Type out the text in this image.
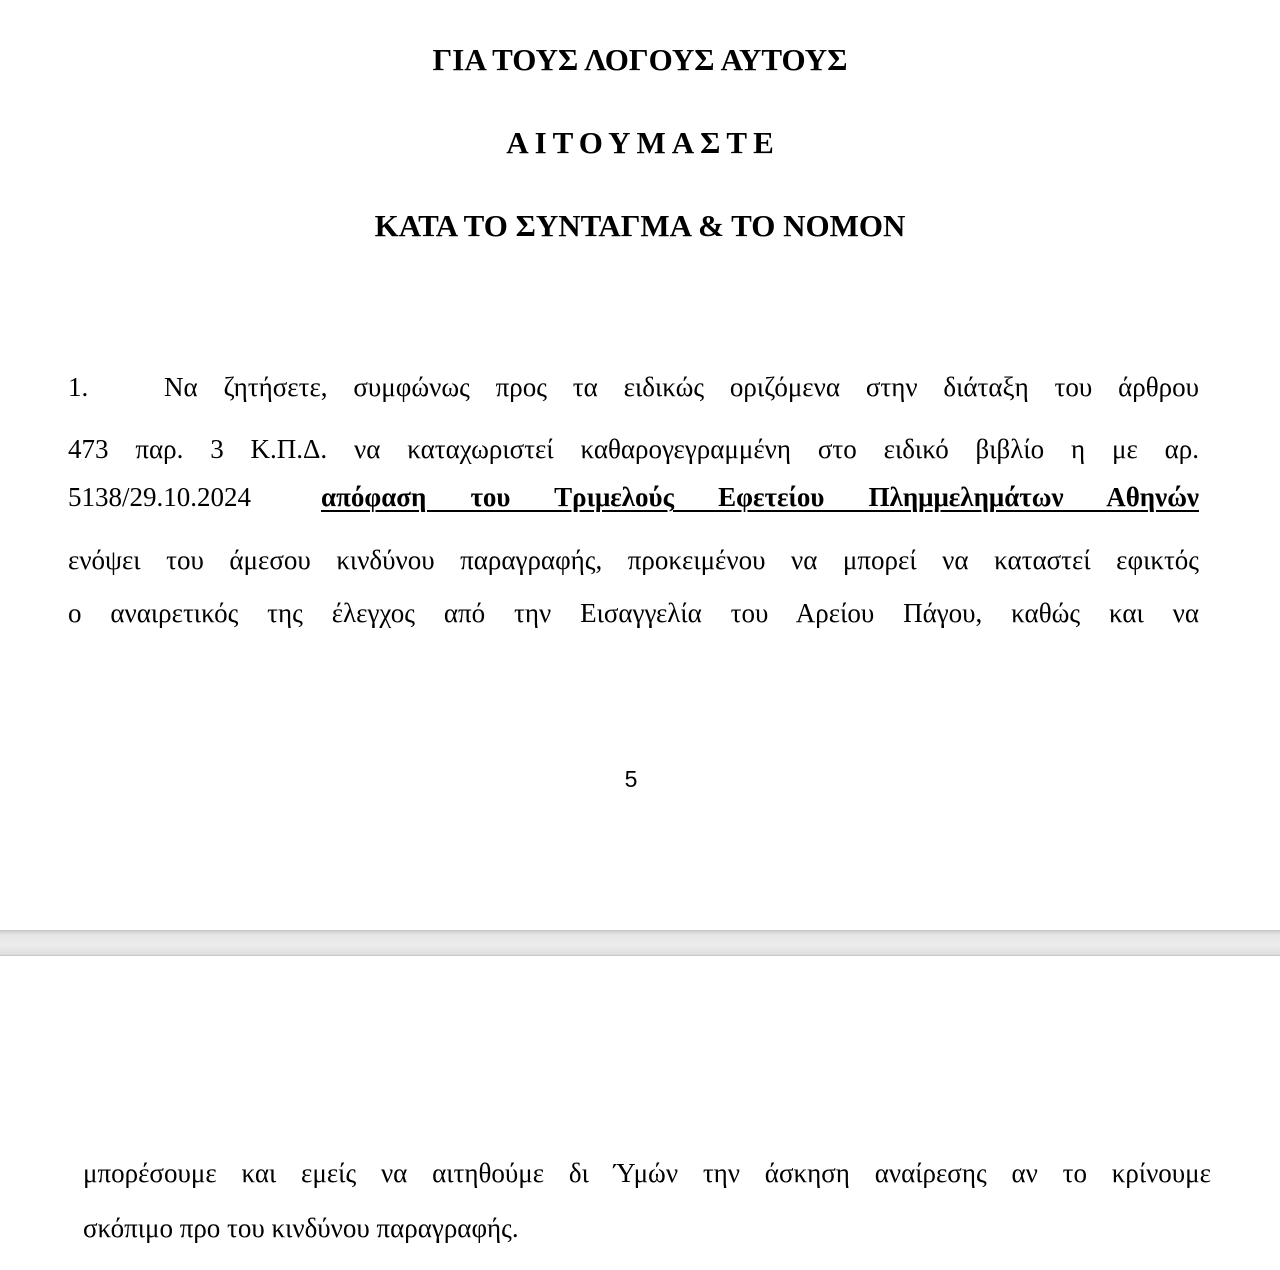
ΓΙΑ ΤΟΥΣ ΛΟΓΟΥΣ ΑΥΤΟΥΣ
ΑΙΤΟΥΜΑΣΤΕ
ΚΑΤΑ ΤΟ ΣΥΝΤΑΓΜΑ & ΤΟ ΝΟΜΟΝ
1.	Να ζητήσετε, συμφώνως προς τα ειδικώς οριζόμενα στην διάταξη του άρθρου
473 παρ. 3 Κ.Π.Δ. να καταχωριστεί καθαρογεγραμμένη στο ειδικό βιβλίο η με αρ.
5138/29.10.2024	απόφαση του Τριμελούς Εφετείου Πλημμελημάτων Αθηνών
ενόψει του άμεσου κινδύνου παραγραφής, προκειμένου να μπορεί να καταστεί εφικτός
ο αναιρετικός της έλεγχος από την Εισαγγελία του Αρείου Πάγου, καθώς και να
5
μπορέσουμε και εμείς να αιτηθούμε δι Ύμών την άσκηση αναίρεσης αν το κρίνουμε
σκόπιμο προ του κινδύνου παραγραφής.
